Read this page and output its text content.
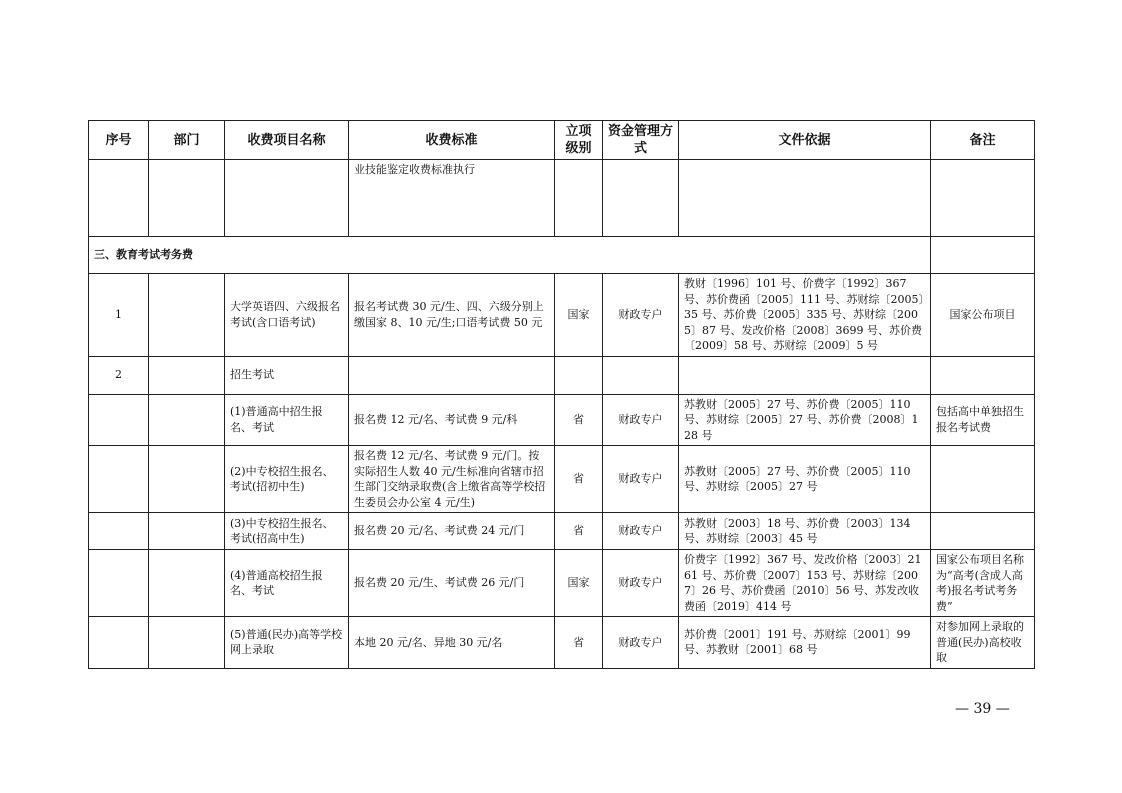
序号	部门	收费项目名称	收费标准	立项级别	资金管理方式	文件依据	备注
			业技能鉴定收费标准执行				
三、教育考试考务费							
1		大学英语四、六级报名考试(含口语考试)	报名考试费 30 元/生、四、六级分别上缴国家 8、10 元/生;口语考试费 50 元	国家	财政专户	教财〔1996〕101 号、价费字〔1992〕367 号、苏价费函〔2005〕111 号、苏财综〔2005〕35 号、苏价费〔2005〕335 号、苏财综〔2005〕87 号、发改价格〔2008〕3699 号、苏价费〔2009〕58 号、苏财综〔2009〕5 号	国家公布项目
2		招生考试					
		(1)普通高中招生报名、考试	报名费 12 元/名、考试费 9 元/科	省	财政专户	苏教财〔2005〕27 号、苏价费〔2005〕110 号、苏财综〔2005〕27 号、苏价费〔2008〕128 号	包括高中单独招生报名考试费
		(2)中专校招生报名、考试(招初中生)	报名费 12 元/名、考试费 9 元/门。按实际招生人数 40 元/生标准向省辖市招生部门交纳录取费(含上缴省高等学校招生委员会办公室 4 元/生)	省	财政专户	苏教财〔2005〕27 号、苏价费〔2005〕110 号、苏财综〔2005〕27 号	
		(3)中专校招生报名、考试(招高中生)	报名费 20 元/名、考试费 24 元/门	省	财政专户	苏教财〔2003〕18 号、苏价费〔2003〕134 号、苏财综〔2003〕45 号	
		(4)普通高校招生报名、考试	报名费 20 元/生、考试费 26 元/门	国家	财政专户	价费字〔1992〕367 号、发改价格〔2003〕2161 号、苏价费〔2007〕153 号、苏财综〔2007〕26 号、苏价费函〔2010〕56 号、苏发改收费函〔2019〕414 号	国家公布项目名称为“高考(含成人高考)报名考试考务费”
		(5)普通(民办)高等学校网上录取	本地 20 元/名、异地 30 元/名	省	财政专户	苏价费〔2001〕191 号、苏财综〔2001〕99 号、苏教财〔2001〕68 号	对参加网上录取的普通(民办)高校收取
— 39 —
